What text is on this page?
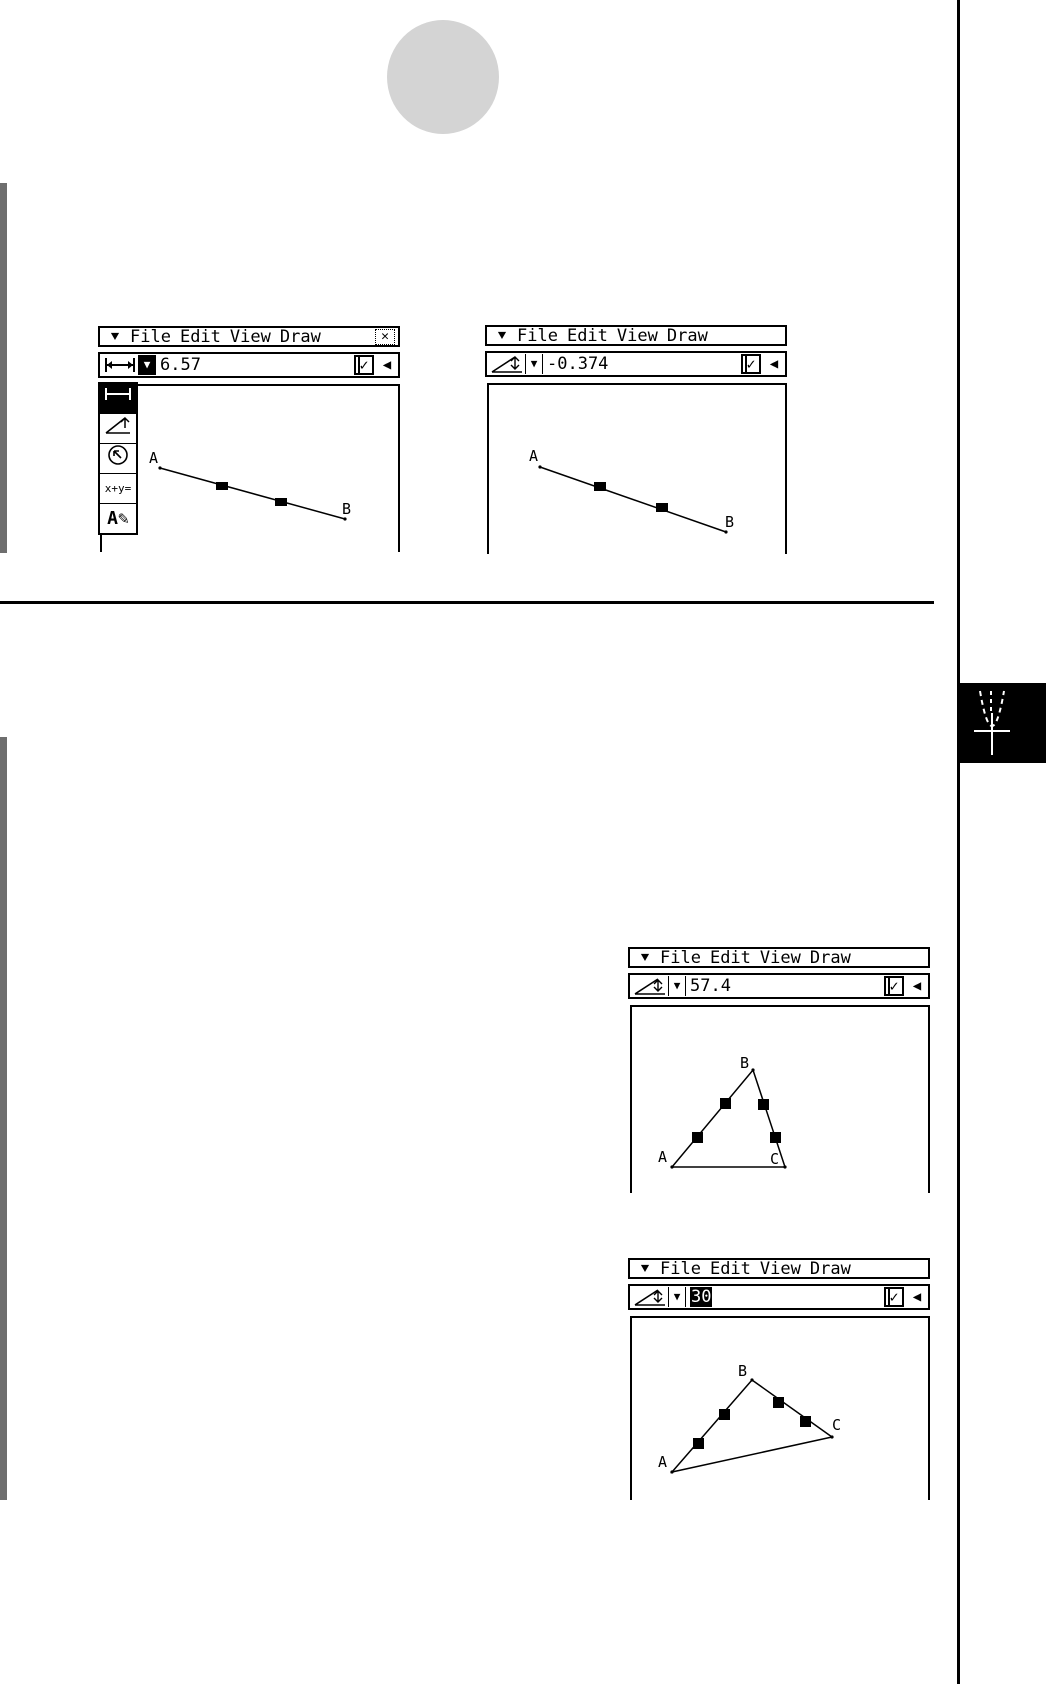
⯆ File Edit View Draw	✕
▼ 6.57	✓	◀
A
B
x+y=
A✎
⯆ File Edit View Draw
▼ -0.374	✓	◀
A
B
⯆ File Edit View Draw
▼ 57.4	✓	◀
A
B
C
⯆ File Edit View Draw
▼ 30	✓	◀
A
B
C
